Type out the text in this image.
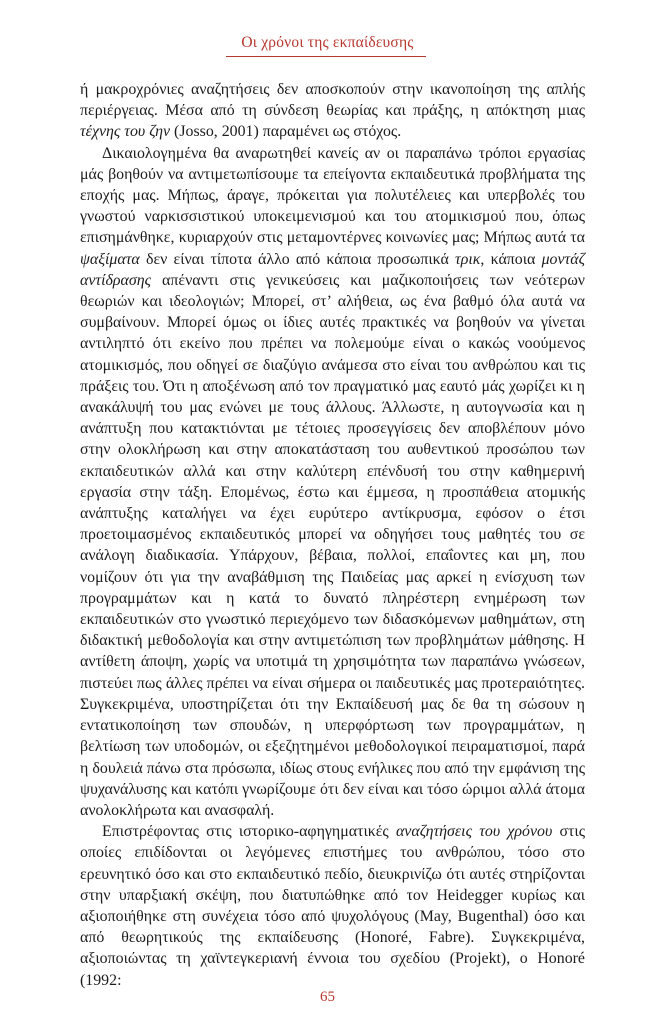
Οι χρόνοι της εκπαίδευσης

ή μακροχρόνιες αναζητήσεις δεν αποσκοπούν στην ικανοποίηση της απλής περιέργειας. Μέσα από τη σύνδεση θεωρίας και πράξης, η απόκτηση μιας τέχνης του ζην (Josso, 2001) παραμένει ως στόχος.

Δικαιολογημένα θα αναρωτηθεί κανείς αν οι παραπάνω τρόποι εργασίας μάς βοηθούν να αντιμετωπίσουμε τα επείγοντα εκπαιδευτικά προβλήματα της εποχής μας. Μήπως, άραγε, πρόκειται για πολυτέλειες και υπερβολές του γνωστού ναρκισσιστικού υποκειμενισμού και του ατομικισμού που, όπως επισημάνθηκε, κυριαρχούν στις μεταμοντέρνες κοινωνίες μας; Μήπως αυτά τα ψαξίματα δεν είναι τίποτα άλλο από κάποια προσωπικά τρικ, κάποια μοντάζ αντίδρασης απέναντι στις γενικεύσεις και μαζικοποιήσεις των νεότερων θεωριών και ιδεολογιών; Μπορεί, στ’ αλήθεια, ως ένα βαθμό όλα αυτά να συμβαίνουν. Μπορεί όμως οι ίδιες αυτές πρακτικές να βοηθούν να γίνεται αντιληπτό ότι εκείνο που πρέπει να πολεμούμε είναι ο κακώς νοούμενος ατομικισμός, που οδηγεί σε διαζύγιο ανάμεσα στο είναι του ανθρώπου και τις πράξεις του. Ότι η αποξένωση από τον πραγματικό μας εαυτό μάς χωρίζει κι η ανακάλυψή του μας ενώνει με τους άλλους. Άλλωστε, η αυτογνωσία και η ανάπτυξη που κατακτιόνται με τέτοιες προσεγγίσεις δεν αποβλέπουν μόνο στην ολοκλήρωση και στην αποκατάσταση του αυθεντικού προσώπου των εκπαιδευτικών αλλά και στην καλύτερη επένδυσή του στην καθημερινή εργασία στην τάξη. Επομένως, έστω και έμμεσα, η προσπάθεια ατομικής ανάπτυξης καταλήγει να έχει ευρύτερο αντίκρυσμα, εφόσον ο έτσι προετοιμασμένος εκπαιδευτικός μπορεί να οδηγήσει τους μαθητές του σε ανάλογη διαδικασία. Υπάρχουν, βέβαια, πολλοί, επαΐοντες και μη, που νομίζουν ότι για την αναβάθμιση της Παιδείας μας αρκεί η ενίσχυση των προγραμμάτων και η κατά το δυνατό πληρέστερη ενημέρωση των εκπαιδευτικών στο γνωστικό περιεχόμενο των διδασκόμενων μαθημάτων, στη διδακτική μεθοδολογία και στην αντιμετώπιση των προβλημάτων μάθησης. Η αντίθετη άποψη, χωρίς να υποτιμά τη χρησιμότητα των παραπάνω γνώσεων, πιστεύει πως άλλες πρέπει να είναι σήμερα οι παιδευτικές μας προτεραιότητες. Συγκεκριμένα, υποστηρίζεται ότι την Εκπαίδευσή μας δε θα τη σώσουν η εντατικοποίηση των σπουδών, η υπερφόρτωση των προγραμμάτων, η βελτίωση των υποδομών, οι εξεζητημένοι μεθοδολογικοί πειραματισμοί, παρά η δουλειά πάνω στα πρόσωπα, ιδίως στους ενήλικες που από την εμφάνιση της ψυχανάλυσης και κατόπι γνωρίζουμε ότι δεν είναι και τόσο ώριμοι αλλά άτομα ανολοκλήρωτα και ανασφαλή.

Επιστρέφοντας στις ιστορικο-αφηγηματικές αναζητήσεις του χρόνου στις οποίες επιδίδονται οι λεγόμενες επιστήμες του ανθρώπου, τόσο στο ερευνητικό όσο και στο εκπαιδευτικό πεδίο, διευκρινίζω ότι αυτές στηρίζονται στην υπαρξιακή σκέψη, που διατυπώθηκε από τον Heidegger κυρίως και αξιοποιήθηκε στη συνέχεια τόσο από ψυχολόγους (May, Bugenthal) όσο και από θεωρητικούς της εκπαίδευσης (Honoré, Fabre). Συγκεκριμένα, αξιοποιώντας τη χαϊντεγκεριανή έννοια του σχεδίου (Projekt), ο Honoré (1992:

65
